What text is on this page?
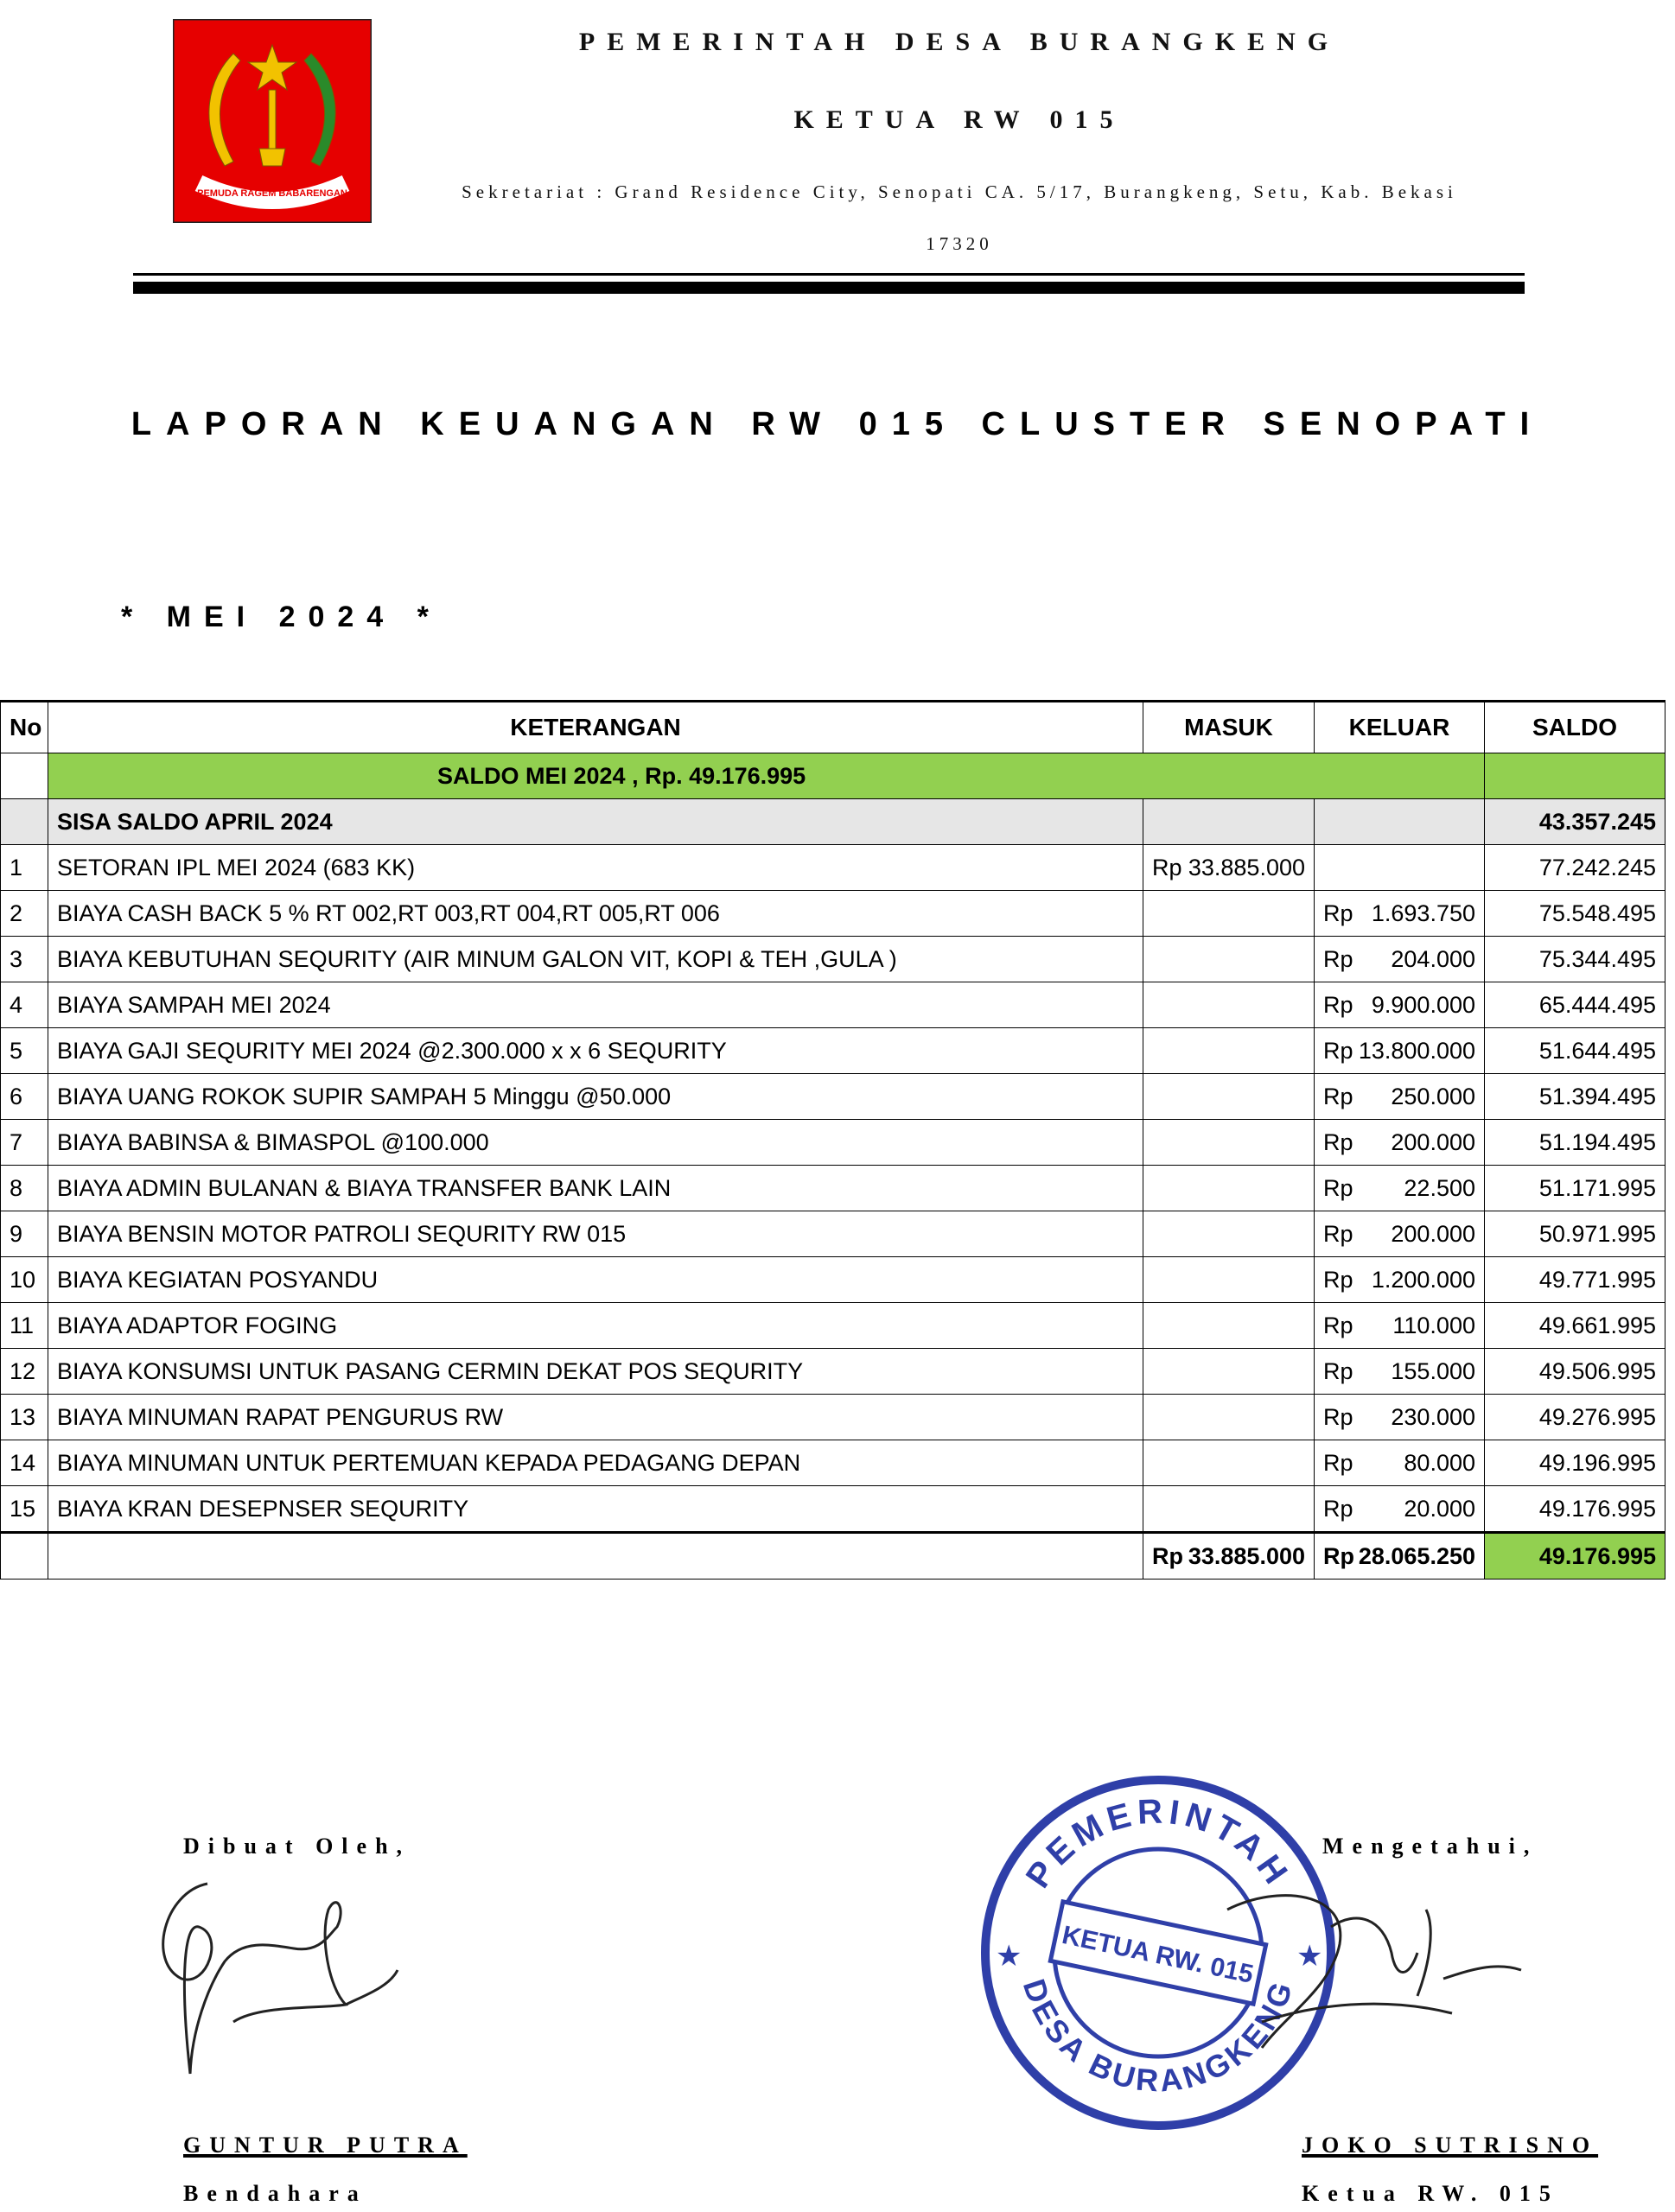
PEMUDA RAGEM BABARENGAN
PEMERINTAH DESA BURANGKENG
KETUA RW 015
Sekretariat : Grand Residence City, Senopati CA. 5/17, Burangkeng, Setu, Kab. Bekasi
17320
LAPORAN KEUANGAN RW 015 CLUSTER SENOPATI
* MEI 2024 *
No	KETERANGAN	MASUK	KELUAR	SALDO
	SALDO MEI 2024 , Rp. 49.176.995			
	SISA SALDO APRIL 2024			43.357.245
1	SETORAN IPL MEI 2024 (683 KK)	Rp 33.885.000		77.242.245
2	BIAYA CASH BACK 5 % RT 002,RT 003,RT 004,RT 005,RT 006		Rp 1.693.750	75.548.495
3	BIAYA KEBUTUHAN SEQURITY (AIR MINUM GALON VIT, KOPI & TEH ,GULA )		Rp 204.000	75.344.495
4	BIAYA SAMPAH MEI 2024		Rp 9.900.000	65.444.495
5	BIAYA GAJI SEQURITY MEI 2024 @2.300.000 x x 6 SEQURITY		Rp 13.800.000	51.644.495
6	BIAYA UANG ROKOK SUPIR SAMPAH 5 Minggu @50.000		Rp 250.000	51.394.495
7	BIAYA BABINSA & BIMASPOL @100.000		Rp 200.000	51.194.495
8	BIAYA ADMIN BULANAN & BIAYA TRANSFER BANK LAIN		Rp 22.500	51.171.995
9	BIAYA BENSIN MOTOR PATROLI SEQURITY RW 015		Rp 200.000	50.971.995
10	BIAYA KEGIATAN POSYANDU		Rp 1.200.000	49.771.995
11	BIAYA ADAPTOR FOGING		Rp 110.000	49.661.995
12	BIAYA KONSUMSI UNTUK PASANG CERMIN DEKAT POS SEQURITY		Rp 155.000	49.506.995
13	BIAYA MINUMAN RAPAT PENGURUS RW		Rp 230.000	49.276.995
14	BIAYA MINUMAN UNTUK PERTEMUAN KEPADA PEDAGANG DEPAN		Rp 80.000	49.196.995
15	BIAYA KRAN DESEPNSER SEQURITY		Rp 20.000	49.176.995

		Rp 33.885.000	Rp 28.065.250	49.176.995
Dibuat Oleh,	Mengetahui,
PEMERINTAH
DESA BURANGKENG
KETUA RW. 015
★	★
GUNTUR PUTRA
Bendahara
JOKO SUTRISNO
Ketua RW. 015
